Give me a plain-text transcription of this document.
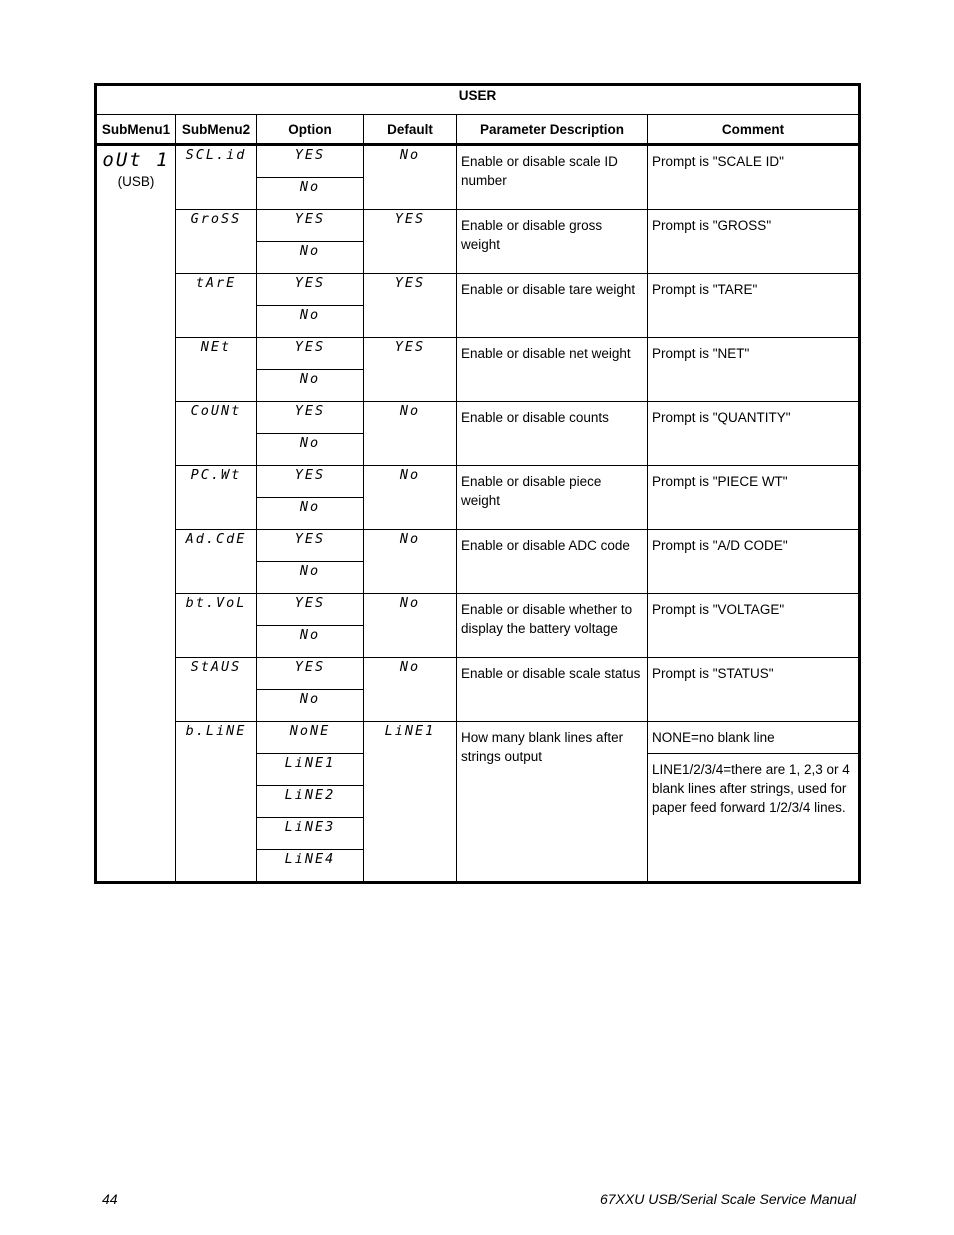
USER					
SubMenu1	SubMenu2	Option	Default	Parameter Description	Comment

oUt 1
(USB)	SCL.id	YES	No	Enable or disable scale ID number	Prompt is "SCALE ID"
		No			
	GroSS	YES	YES	Enable or disable gross weight	Prompt is "GROSS"
		No			
	tArE	YES	YES	Enable or disable tare weight	Prompt is "TARE"
		No			
	NEt	YES	YES	Enable or disable net weight	Prompt is "NET"
		No			
	CoUNt	YES	No	Enable or disable counts	Prompt is "QUANTITY"
		No			
	PC.Wt	YES	No	Enable or disable piece weight	Prompt is "PIECE WT"
		No			
	Ad.CdE	YES	No	Enable or disable ADC code	Prompt is "A/D CODE"
		No			
	bt.VoL	YES	No	Enable or disable whether to display the battery voltage	Prompt is "VOLTAGE"
		No			
	StAUS	YES	No	Enable or disable scale status	Prompt is "STATUS"
		No			
	b.LiNE	NoNE	LiNE1	How many blank lines after strings output	NONE=no blank line
		LiNE1			LINE1/2/3/4=there are 1, 2,3 or 4 blank lines after strings, used for paper feed forward 1/2/3/4 lines.
		LiNE2			
		LiNE3			
		LiNE4			
44	67XXU USB/Serial Scale Service Manual
